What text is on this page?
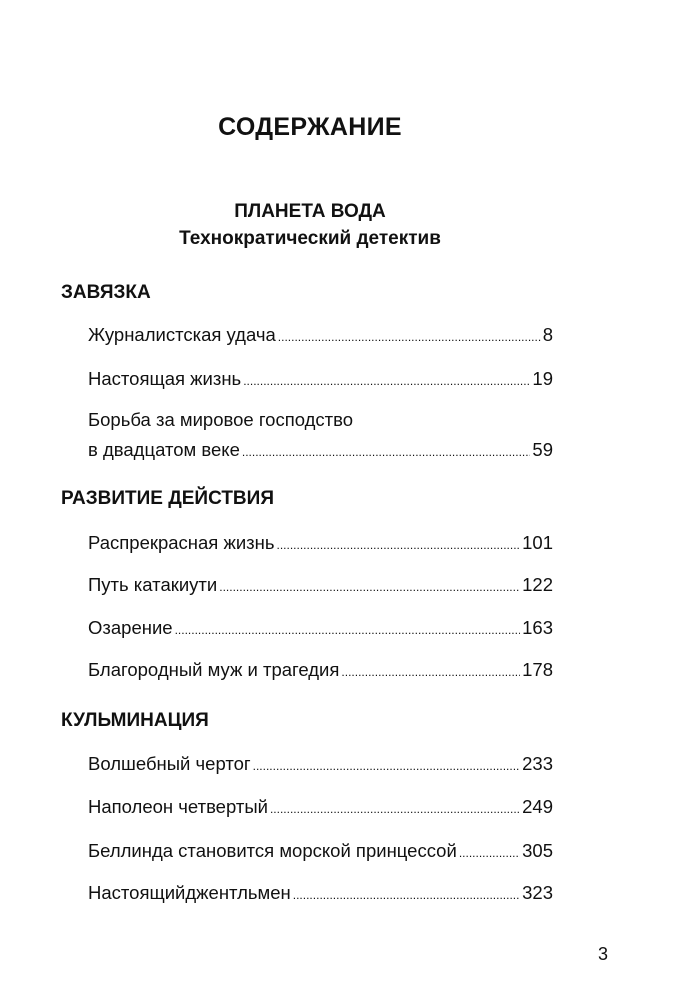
СОДЕРЖАНИЕ
ПЛАНЕТА ВОДА
Технократический детектив
ЗАВЯЗКА
Журналистская удача .....	8
Настоящая жизнь .....	19
Борьба за мировое господство
в двадцатом веке .....	59
РАЗВИТИЕ ДЕЙСТВИЯ
Распрекрасная жизнь .....	101
Путь катакиути .....	122
Озарение .....	163
Благородный муж и трагедия .....	178
КУЛЬМИНАЦИЯ
Волшебный чертог .....	233
Наполеон четвертый .....	249
Беллинда становится морской принцессой .....	305
Настоящийджентльмен .....	323
3
